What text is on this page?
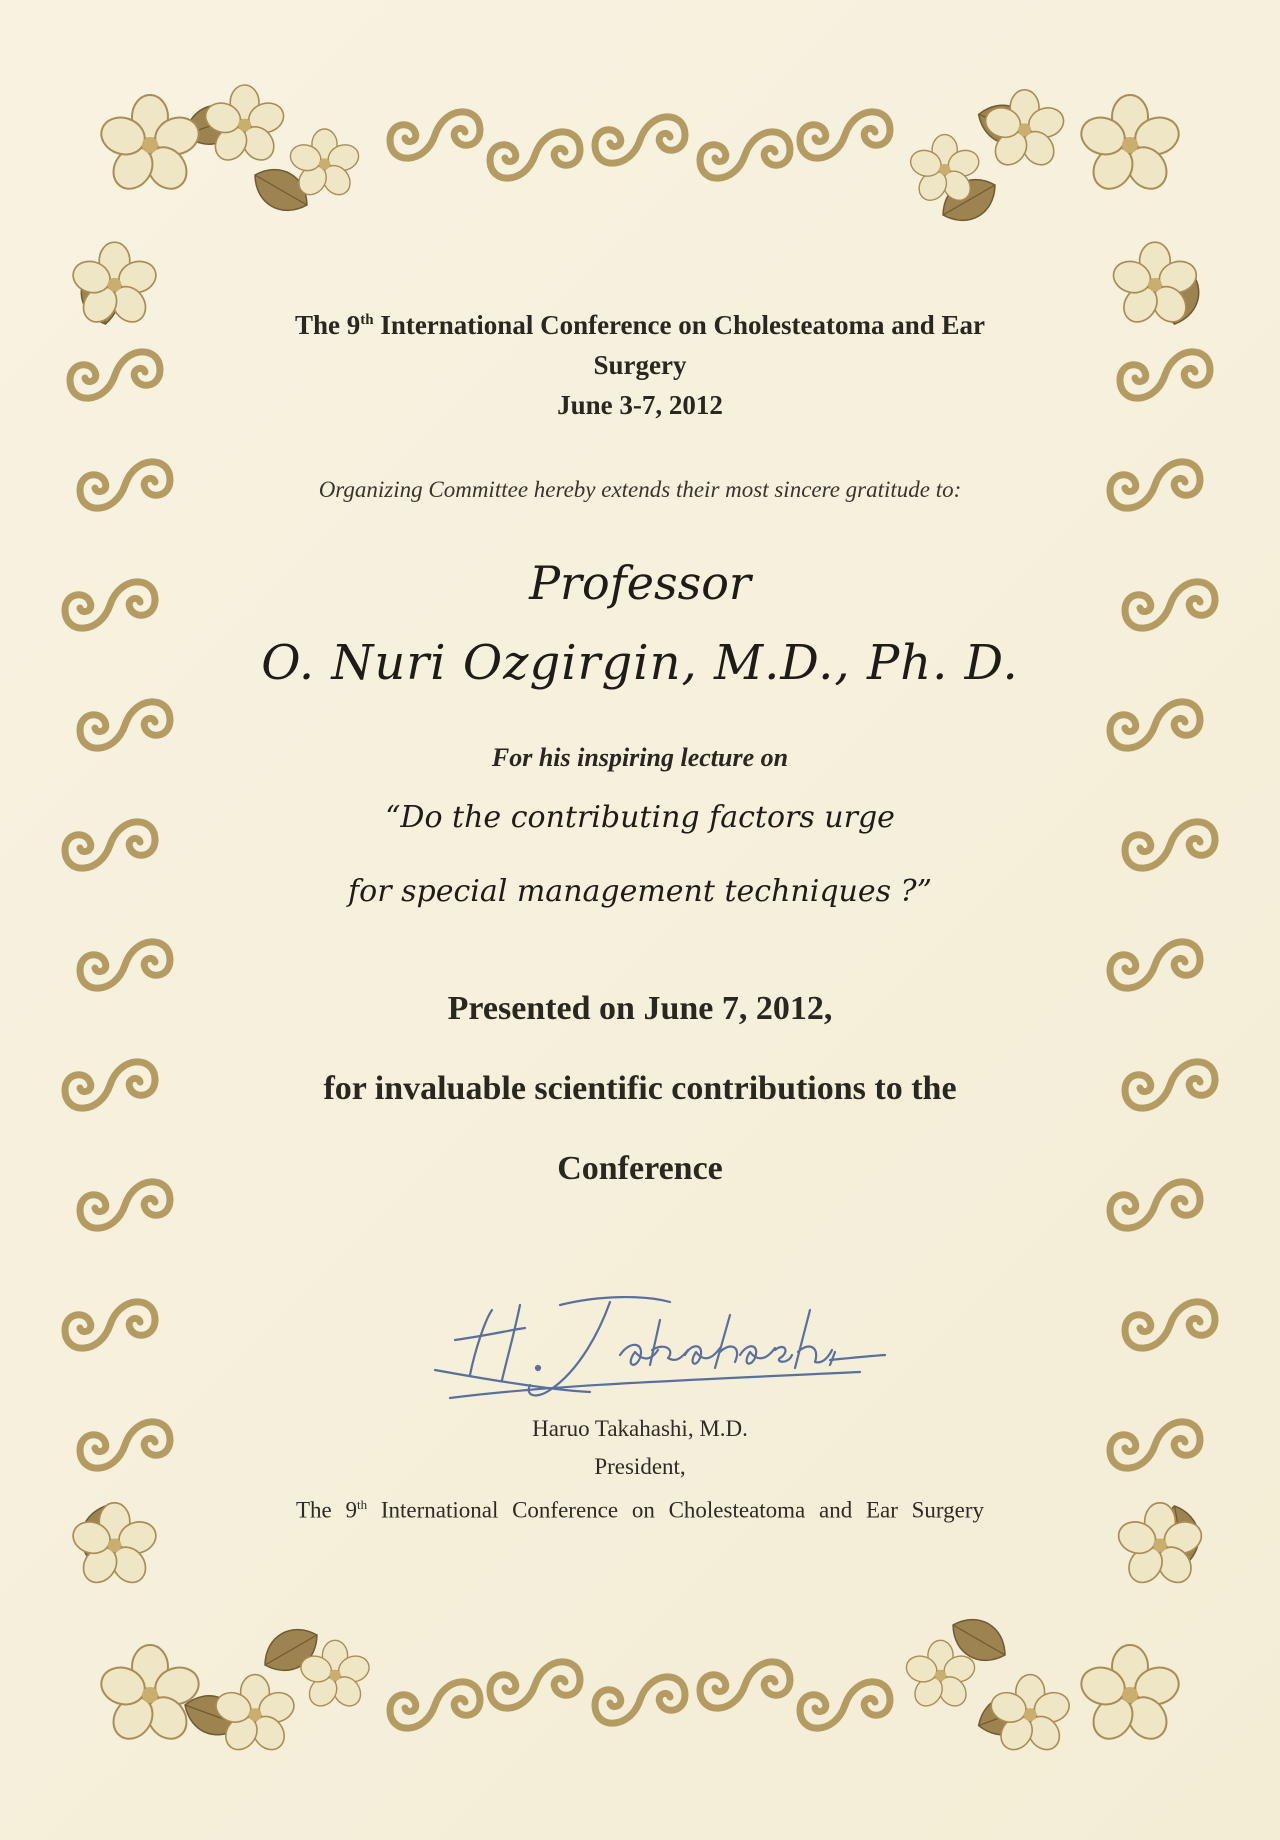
The 9th International Conference on Cholesteatoma and Ear

Surgery

June 3-7, 2012

Organizing Committee hereby extends their most sincere gratitude to:
Professor
O. Nuri Ozgirgin, M.D., Ph. D.
For his inspiring lecture on
“Do the contributing factors urge
for special management techniques ?”
Presented on June 7, 2012,
for invaluable scientific contributions to the
Conference
Haruo Takahashi, M.D.
President,
The 9th International Conference on Cholesteatoma and Ear Surgery
